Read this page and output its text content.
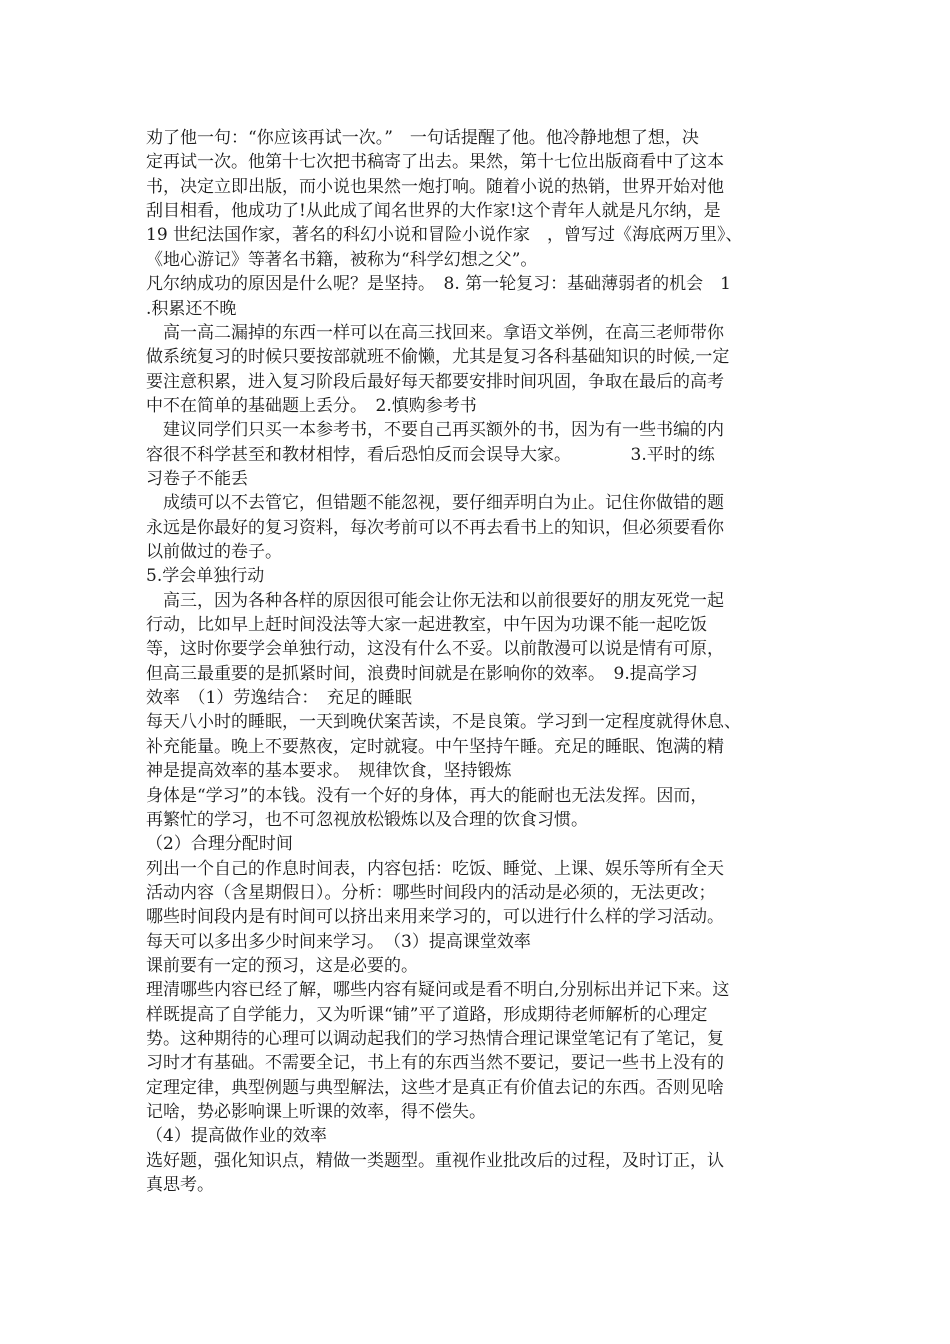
劝了他一句：“你应该再试一次。”　一句话提醒了他。他冷静地想了想，决

定再试一次。他第十七次把书稿寄了出去。果然，第十七位出版商看中了这本

书，决定立即出版，而小说也果然一炮打响。随着小说的热销，世界开始对他

刮目相看，他成功了!从此成了闻名世界的大作家!这个青年人就是凡尔纳，是

19 世纪法国作家，著名的科幻小说和冒险小说作家　，曾写过《海底两万里》、

《地心游记》等著名书籍，被称为“科学幻想之父”。

凡尔纳成功的原因是什么呢？是坚持。　8. 第一轮复习：基础薄弱者的机会　1

.积累还不晚

　高一高二漏掉的东西一样可以在高三找回来。拿语文举例，在高三老师带你

做系统复习的时候只要按部就班不偷懒，尤其是复习各科基础知识的时候,一定

要注意积累，进入复习阶段后最好每天都要安排时间巩固，争取在最后的高考

中不在简单的基础题上丢分。　2.慎购参考书

　建议同学们只买一本参考书，不要自己再买额外的书，因为有一些书编的内

容很不科学甚至和教材相悖，看后恐怕反而会误导大家。　　　　3.平时的练

习卷子不能丢

　成绩可以不去管它，但错题不能忽视，要仔细弄明白为止。记住你做错的题

永远是你最好的复习资料，每次考前可以不再去看书上的知识，但必须要看你

以前做过的卷子。

5.学会单独行动

　高三，因为各种各样的原因很可能会让你无法和以前很要好的朋友死党一起

行动，比如早上赶时间没法等大家一起进教室，中午因为功课不能一起吃饭

等，这时你要学会单独行动，这没有什么不妥。以前散漫可以说是情有可原，

但高三最重要的是抓紧时间，浪费时间就是在影响你的效率。　9.提高学习

效率　（1）劳逸结合：　充足的睡眠

每天八小时的睡眠，一天到晚伏案苦读，不是良策。学习到一定程度就得休息、

补充能量。晚上不要熬夜，定时就寝。中午坚持午睡。充足的睡眠、饱满的精

神是提高效率的基本要求。　规律饮食，坚持锻炼

身体是“学习”的本钱。没有一个好的身体，再大的能耐也无法发挥。因而，

再繁忙的学习，也不可忽视放松锻炼以及合理的饮食习惯。

（2）合理分配时间

列出一个自己的作息时间表，内容包括：吃饭、睡觉、上课、娱乐等所有全天

活动内容（含星期假日）。分析：哪些时间段内的活动是必须的，无法更改；

哪些时间段内是有时间可以挤出来用来学习的，可以进行什么样的学习活动。

每天可以多出多少时间来学习。　（3）提高课堂效率

课前要有一定的预习，这是必要的。

理清哪些内容已经了解，哪些内容有疑问或是看不明白,分别标出并记下来。这

样既提高了自学能力，又为听课“铺”平了道路，形成期待老师解析的心理定

势。这种期待的心理可以调动起我们的学习热情合理记课堂笔记有了笔记，复

习时才有基础。不需要全记，书上有的东西当然不要记，要记一些书上没有的

定理定律，典型例题与典型解法，这些才是真正有价值去记的东西。否则见啥

记啥，势必影响课上听课的效率，得不偿失。

（4）提高做作业的效率

选好题，强化知识点，精做一类题型。重视作业批改后的过程，及时订正，认

真思考。
